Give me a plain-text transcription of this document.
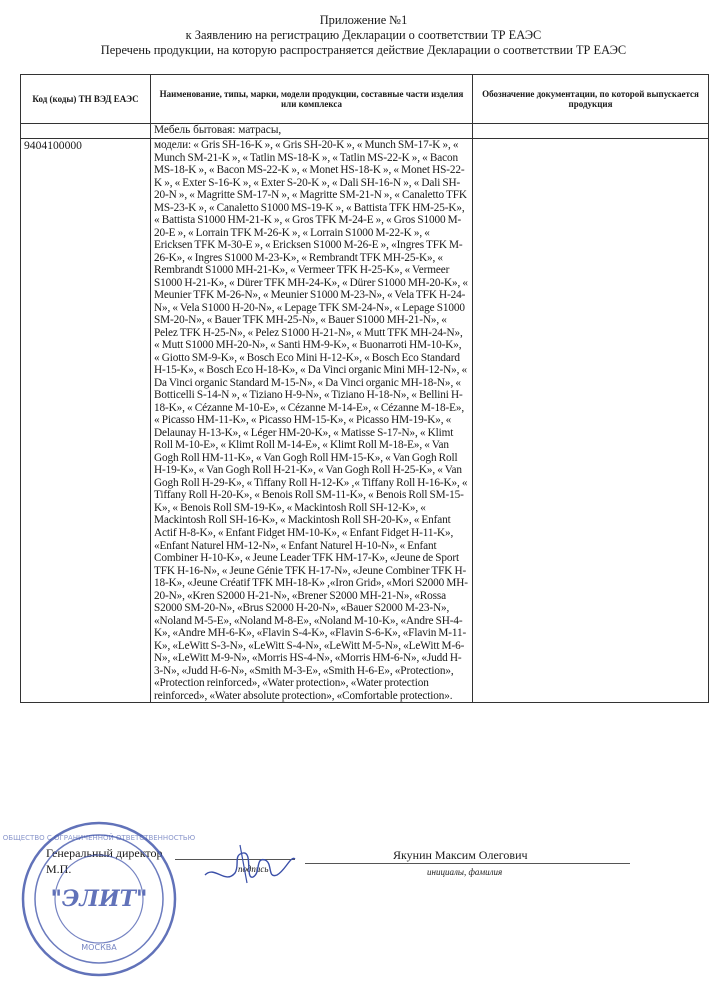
Приложение №1
к Заявлению на регистрацию Декларации о соответствии ТР ЕАЭС
Перечень продукции, на которую распространяется действие Декларации о соответствии ТР ЕАЭС
Код (коды) ТН ВЭД ЕАЭС	Наименование, типы, марки, модели продукции, составные части изделия или комплекса	Обозначение документации, по которой выпускается продукция
	Мебель бытовая: матрасы,	
9404100000	модели: « Gris SH-16-K », « Gris SH-20-K », « Munch SM-17-K », « Munch SM-21-K », « Tatlin MS-18-K », « Tatlin MS-22-K », « Bacon MS-18-K », « Bacon MS-22-K », « Monet HS-18-K », « Monet HS-22-K », « Exter S-16-K », « Exter S-20-K », « Dali SH-16-N », « Dali SH-20-N », « Magritte SM-17-N », « Magritte SM-21-N », « Canaletto TFK MS-23-K », « Canaletto S1000 MS-19-K », « Battista TFK HM-25-K», « Battista S1000 HM-21-K », « Gros TFK M-24-E », « Gros S1000 M-20-E », « Lorrain TFK M-26-K », « Lorrain S1000 M-22-K », « Ericksen TFK M-30-E », « Ericksen S1000 M-26-E », «Ingres TFK M-26-K», « Ingres S1000 M-23-K», « Rembrandt TFK MH-25-K», « Rembrandt S1000 MH-21-K», « Vermeer TFK H-25-K», « Vermeer S1000 H-21-K», « Dürer TFK MH-24-K», « Dürer S1000 MH-20-K», « Meunier TFK M-26-N», « Meunier S1000 M-23-N», « Vela TFK H-24-N», « Vela S1000 H-20-N», « Lepage TFK SM-24-N», « Lepage S1000 SM-20-N», « Bauer TFK MH-25-N», « Bauer S1000 MH-21-N», « Pelez TFK H-25-N», « Pelez S1000 H-21-N», « Mutt TFK MH-24-N», « Mutt S1000 MH-20-N», « Santi HM-9-K», « Buonarroti HM-10-K», « Giotto SM-9-K», « Bosch Eco Mini H-12-K», « Bosch Eco Standard H-15-K», « Bosch Eco H-18-K», « Da Vinci organic Mini MH-12-N», « Da Vinci organic Standard M-15-N», « Da Vinci organic MH-18-N», « Botticelli S-14-N », « Tiziano H-9-N», « Tiziano H-18-N», « Bellini H-18-K», « Cézanne M-10-E», « Cézanne M-14-E», « Cézanne M-18-E», « Picasso HM-11-K», « Picasso HM-15-K», « Picasso HM-19-K», « Delaunay H-13-K», « Léger HM-20-K», « Matisse S-17-N», « Klimt Roll M-10-E», « Klimt Roll M-14-E», « Klimt Roll M-18-E», « Van Gogh Roll HM-11-K», « Van Gogh Roll HM-15-K», « Van Gogh Roll H-19-K», « Van Gogh Roll H-21-K», « Van Gogh Roll H-25-K», « Van Gogh Roll H-29-K», « Tiffany Roll H-12-K» ,« Tiffany Roll H-16-K», « Tiffany Roll H-20-K», « Benois Roll SM-11-K», « Benois Roll SM-15-K», « Benois Roll SM-19-K», « Mackintosh Roll SH-12-K», « Mackintosh Roll SH-16-K», « Mackintosh Roll SH-20-K», « Enfant Actif H-8-K», « Enfant Fidget HM-10-K», « Enfant Fidget H-11-K», «Enfant Naturel HM-12-N», « Enfant Naturel H-10-N», « Enfant Combiner H-10-K», « Jeune Leader TFK HM-17-K», «Jeune de Sport TFK H-16-N», « Jeune Génie TFK H-17-N», «Jeune Combiner TFK H-18-K», «Jeune Créatif TFK MH-18-K» ,«Iron Grid», «Mori S2000 MH-20-N», «Kren S2000 H-21-N», «Brener S2000 MH-21-N», «Rossa S2000 SM-20-N», «Brus S2000 H-20-N», «Bauer S2000 M-23-N», «Noland M-5-E», «Noland M-8-E», «Noland M-10-K», «Andre SH-4-K», «Andre MH-6-K», «Flavin S-4-K», «Flavin S-6-K», «Flavin M-11-K», «LeWitt S-3-N», «LeWitt S-4-N», «LeWitt M-5-N», «LeWitt M-6-N», «LeWitt M-9-N», «Morris HS-4-N», «Morris HM-6-N», «Judd H-3-N», «Judd H-6-N», «Smith M-3-E», «Smith H-6-E», «Protection», «Protection reinforced», «Water protection», «Water protection reinforced», «Water absolute protection», «Comfortable protection».	
Генеральный директор
М.П.	подпись
Якунин Максим Олегович
инициалы, фамилия
ОБЩЕСТВО С ОГРАНИЧЕННОЙ ОТВЕТСТВЕННОСТЬЮ
"ЭЛИТ"
МОСКВА
